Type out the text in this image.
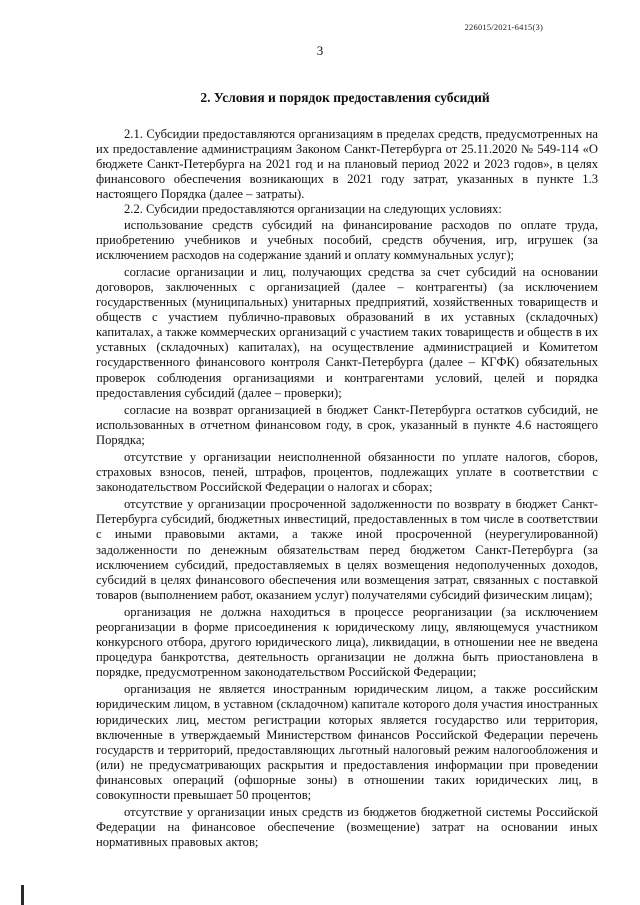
226015/2021-6415(3)
3
2. Условия и порядок предоставления субсидий

2.1. Субсидии предоставляются организациям в пределах средств, предусмотренных на их предоставление администрациям Законом Санкт-Петербурга от 25.11.2020 № 549-114 «О бюджете Санкт-Петербурга на 2021 год и на плановый период 2022 и 2023 годов», в целях финансового обеспечения возникающих в 2021 году затрат, указанных в пункте 1.3 настоящего Порядка (далее – затраты).

2.2. Субсидии предоставляются организации на следующих условиях:

использование средств субсидий на финансирование расходов по оплате труда, приобретению учебников и учебных пособий, средств обучения, игр, игрушек (за исключением расходов на содержание зданий и оплату коммунальных услуг);

согласие организации и лиц, получающих средства за счет субсидий на основании договоров, заключенных с организацией (далее – контрагенты) (за исключением государственных (муниципальных) унитарных предприятий, хозяйственных товариществ и обществ с участием публично-правовых образований в их уставных (складочных) капиталах, а также коммерческих организаций с участием таких товариществ и обществ в их уставных (складочных) капиталах), на осуществление администрацией и Комитетом государственного финансового контроля Санкт-Петербурга (далее – КГФК) обязательных проверок соблюдения организациями и контрагентами условий, целей и порядка предоставления субсидий (далее – проверки);

согласие на возврат организацией в бюджет Санкт-Петербурга остатков субсидий, не использованных в отчетном финансовом году, в срок, указанный в пункте 4.6 настоящего Порядка;

отсутствие у организации неисполненной обязанности по уплате налогов, сборов, страховых взносов, пеней, штрафов, процентов, подлежащих уплате в соответствии с законодательством Российской Федерации о налогах и сборах;

отсутствие у организации просроченной задолженности по возврату в бюджет Санкт-Петербурга субсидий, бюджетных инвестиций, предоставленных в том числе в соответствии с иными правовыми актами, а также иной просроченной (неурегулированной) задолженности по денежным обязательствам перед бюджетом Санкт-Петербурга (за исключением субсидий, предоставляемых в целях возмещения недополученных доходов, субсидий в целях финансового обеспечения или возмещения затрат, связанных с поставкой товаров (выполнением работ, оказанием услуг) получателями субсидий физическим лицам);

организация не должна находиться в процессе реорганизации (за исключением реорганизации в форме присоединения к юридическому лицу, являющемуся участником конкурсного отбора, другого юридического лица), ликвидации, в отношении нее не введена процедура банкротства, деятельность организации не должна быть приостановлена в порядке, предусмотренном законодательством Российской Федерации;

организация не является иностранным юридическим лицом, а также российским юридическим лицом, в уставном (складочном) капитале которого доля участия иностранных юридических лиц, местом регистрации которых является государство или территория, включенные в утверждаемый Министерством финансов Российской Федерации перечень государств и территорий, предоставляющих льготный налоговый режим налогообложения и (или) не предусматривающих раскрытия и предоставления информации при проведении финансовых операций (офшорные зоны) в отношении таких юридических лиц, в совокупности превышает 50 процентов;

отсутствие у организации иных средств из бюджетов бюджетной системы Российской Федерации на финансовое обеспечение (возмещение) затрат на основании иных нормативных правовых актов;
